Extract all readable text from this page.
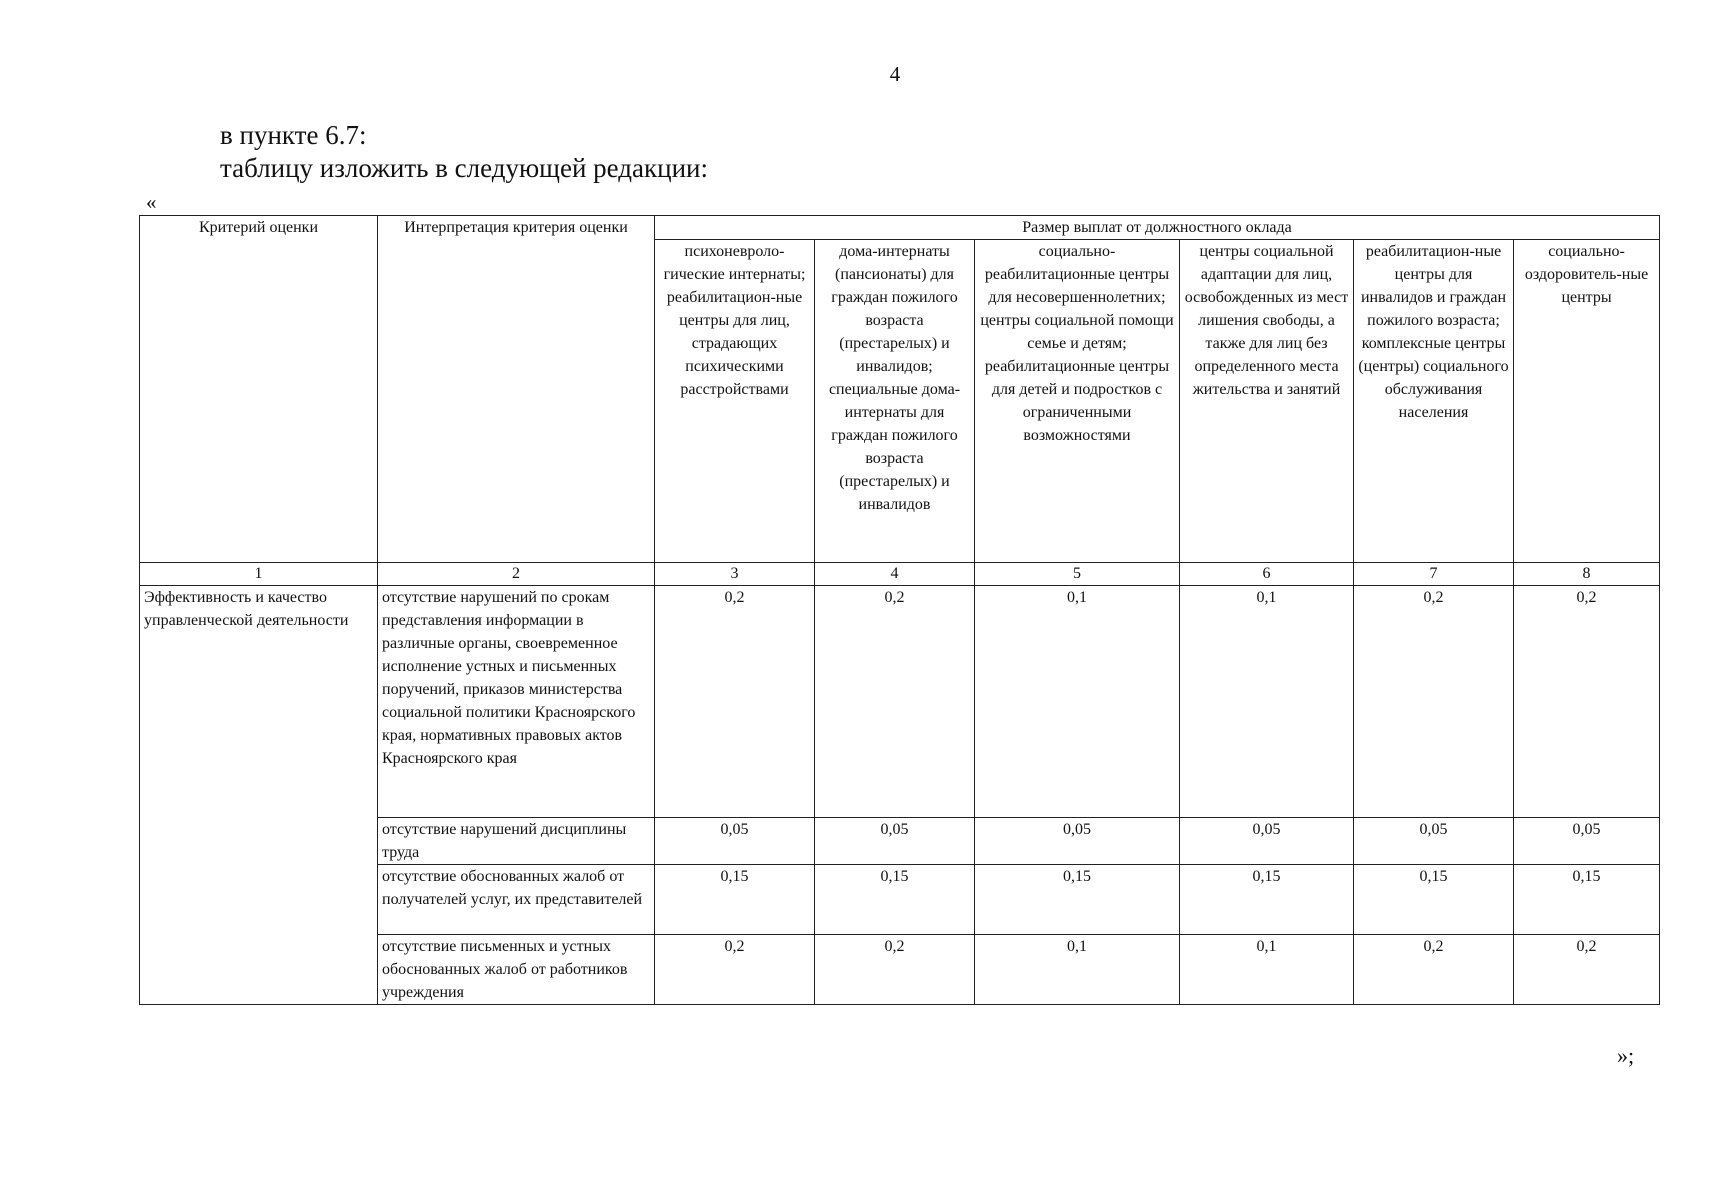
4
в пункте 6.7:
таблицу изложить в следующей редакции:
«
Критерий оценки	Интерпретация критерия оценки	Размер выплат от должностного оклада					
		психоневроло-гические интернаты; реабилитацион-ные центры для лиц, страдающих психическими расстройствами	дома-интернаты (пансионаты) для граждан пожилого возраста (престарелых) и инвалидов; специальные дома-интернаты для граждан пожилого возраста (престарелых) и инвалидов	социально-реабилитационные центры для несовершеннолетних; центры социальной помощи семье и детям; реабилитационные центры для детей и подростков с ограниченными возможностями	центры социальной адаптации для лиц, освобожденных из мест лишения свободы, а также для лиц без определенного места жительства и занятий	реабилитацион-ные центры для инвалидов и граждан пожилого возраста; комплексные центры (центры) социального обслуживания населения	социально-оздоровитель-ные центры
1	2	3	4	5	6	7	8
Эффективность и качество управленческой деятельности	отсутствие нарушений по срокам представления информации в различные органы, своевременное исполнение устных и письменных поручений, приказов министерства социальной политики Красноярского края, нормативных правовых актов Красноярского края	0,2	0,2	0,1	0,1	0,2	0,2
	отсутствие нарушений дисциплины труда	0,05	0,05	0,05	0,05	0,05	0,05
	отсутствие обоснованных жалоб от получателей услуг, их представителей	0,15	0,15	0,15	0,15	0,15	0,15
	отсутствие письменных и устных обоснованных жалоб от работников учреждения	0,2	0,2	0,1	0,1	0,2	0,2
»;
